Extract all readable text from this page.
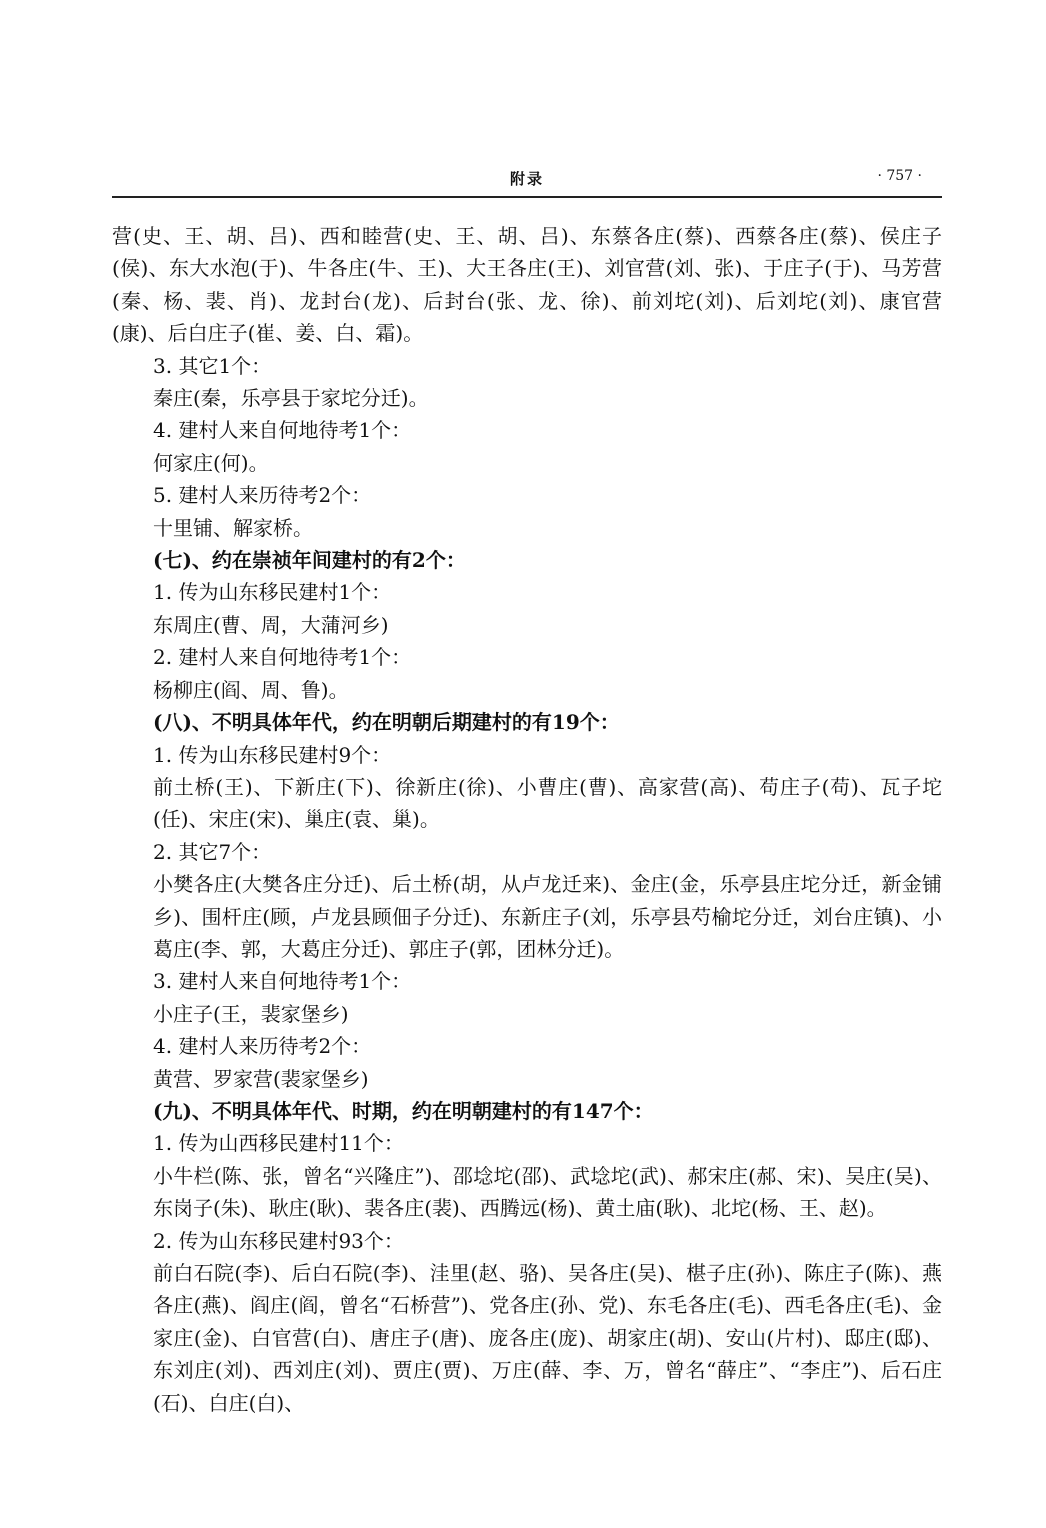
附录	· 757 ·

营(史、王、胡、吕)、西和睦营(史、王、胡、吕)、东蔡各庄(蔡)、西蔡各庄(蔡)、侯庄子(侯)、东大水泡(于)、牛各庄(牛、王)、大王各庄(王)、刘官营(刘、张)、于庄子(于)、马芳营(秦、杨、裴、肖)、龙封台(龙)、后封台(张、龙、徐)、前刘坨(刘)、后刘坨(刘)、康官营(康)、后白庄子(崔、姜、白、霜)。

3. 其它1个：

秦庄(秦，乐亭县于家坨分迁)。

4. 建村人来自何地待考1个：

何家庄(何)。

5. 建村人来历待考2个：

十里铺、解家桥。

(七)、约在崇祯年间建村的有2个：

1. 传为山东移民建村1个：

东周庄(曹、周，大蒲河乡)

2. 建村人来自何地待考1个：

杨柳庄(阎、周、鲁)。

(八)、不明具体年代，约在明朝后期建村的有19个：

1. 传为山东移民建村9个：

前土桥(王)、下新庄(下)、徐新庄(徐)、小曹庄(曹)、高家营(高)、苟庄子(苟)、瓦子坨(任)、宋庄(宋)、巢庄(袁、巢)。

2. 其它7个：

小樊各庄(大樊各庄分迁)、后土桥(胡，从卢龙迁来)、金庄(金，乐亭县庄坨分迁，新金铺乡)、围杆庄(顾，卢龙县顾佃子分迁)、东新庄子(刘，乐亭县芍榆坨分迁，刘台庄镇)、小葛庄(李、郭，大葛庄分迁)、郭庄子(郭，团林分迁)。

3. 建村人来自何地待考1个：

小庄子(王，裴家堡乡)

4. 建村人来历待考2个：

黄营、罗家营(裴家堡乡)

(九)、不明具体年代、时期，约在明朝建村的有147个：

1. 传为山西移民建村11个：

小牛栏(陈、张，曾名“兴隆庄”)、邵埝坨(邵)、武埝坨(武)、郝宋庄(郝、宋)、吴庄(吴)、东岗子(朱)、耿庄(耿)、裴各庄(裴)、西腾远(杨)、黄土庙(耿)、北坨(杨、王、赵)。

2. 传为山东移民建村93个：

前白石院(李)、后白石院(李)、洼里(赵、骆)、吴各庄(吴)、椹子庄(孙)、陈庄子(陈)、燕各庄(燕)、阎庄(阎，曾名“石桥营”)、党各庄(孙、党)、东毛各庄(毛)、西毛各庄(毛)、金家庄(金)、白官营(白)、唐庄子(唐)、庞各庄(庞)、胡家庄(胡)、安山(片村)、邸庄(邸)、东刘庄(刘)、西刘庄(刘)、贾庄(贾)、万庄(薛、李、万，曾名“薛庄”、“李庄”)、后石庄(石)、白庄(白)、
